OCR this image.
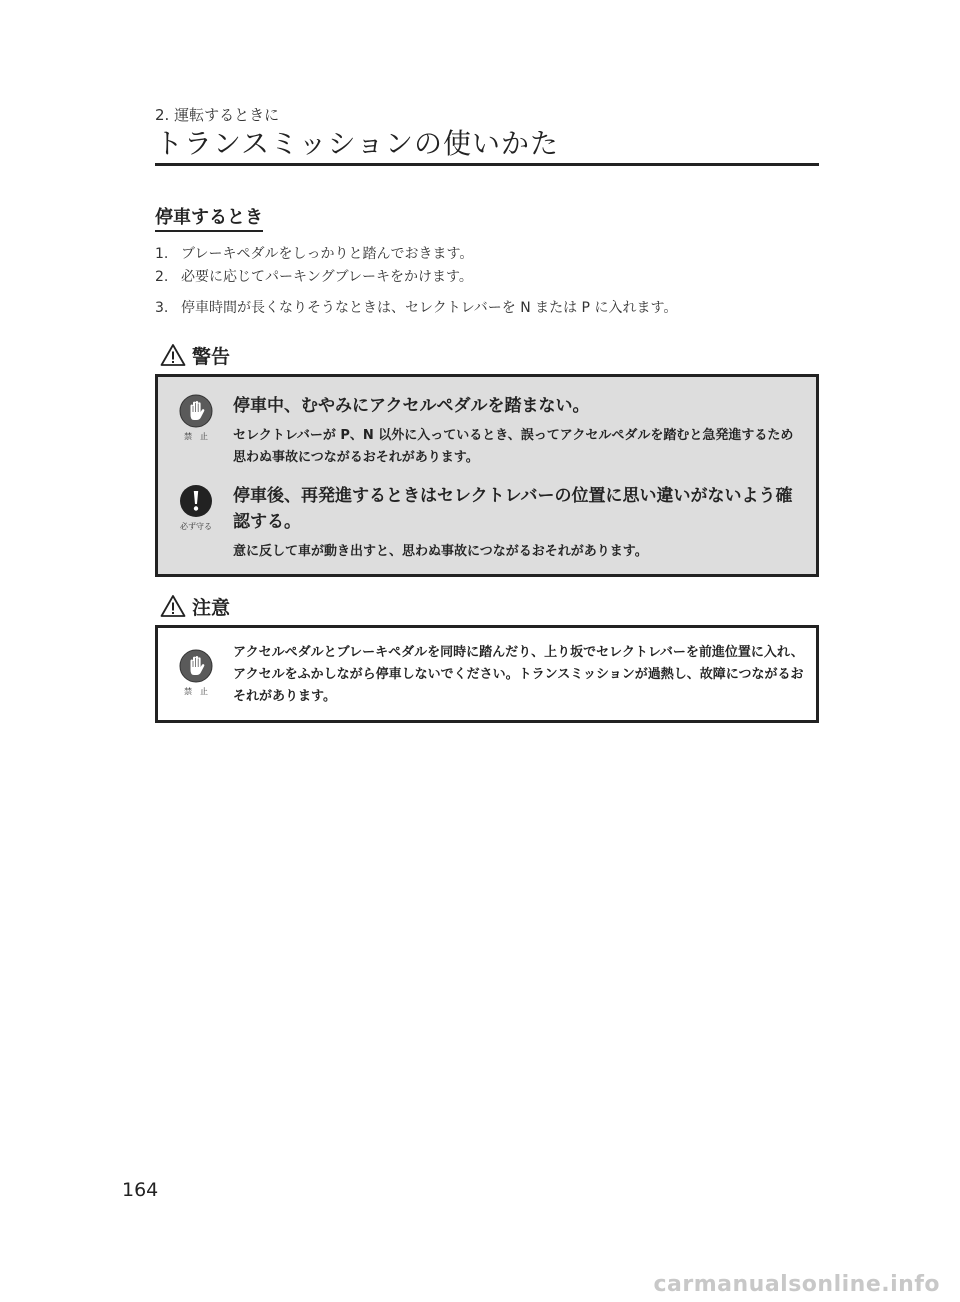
2. 運転するときに
トランスミッションの使いかた
停車するとき
1. ブレーキペダルをしっかりと踏んでおきます。
2. 必要に応じてパーキングブレーキをかけます。
3. 停車時間が長くなりそうなときは、セレクトレバーを N または P に入れます。
警告
禁　止
停車中、むやみにアクセルペダルを踏まない。
セレクトレバーが P、N 以外に入っているとき、誤ってアクセルペダルを踏むと急発進するため思わぬ事故につながるおそれがあります。
必ず守る
停車後、再発進するときはセレクトレバーの位置に思い違いがないよう確認する。
意に反して車が動き出すと、思わぬ事故につながるおそれがあります。
注意
禁　止
アクセルペダルとブレーキペダルを同時に踏んだり、上り坂でセレクトレバーを前進位置に入れ、アクセルをふかしながら停車しないでください。トランスミッションが過熱し、故障につながるおそれがあります。
164
carmanualsonline.info
